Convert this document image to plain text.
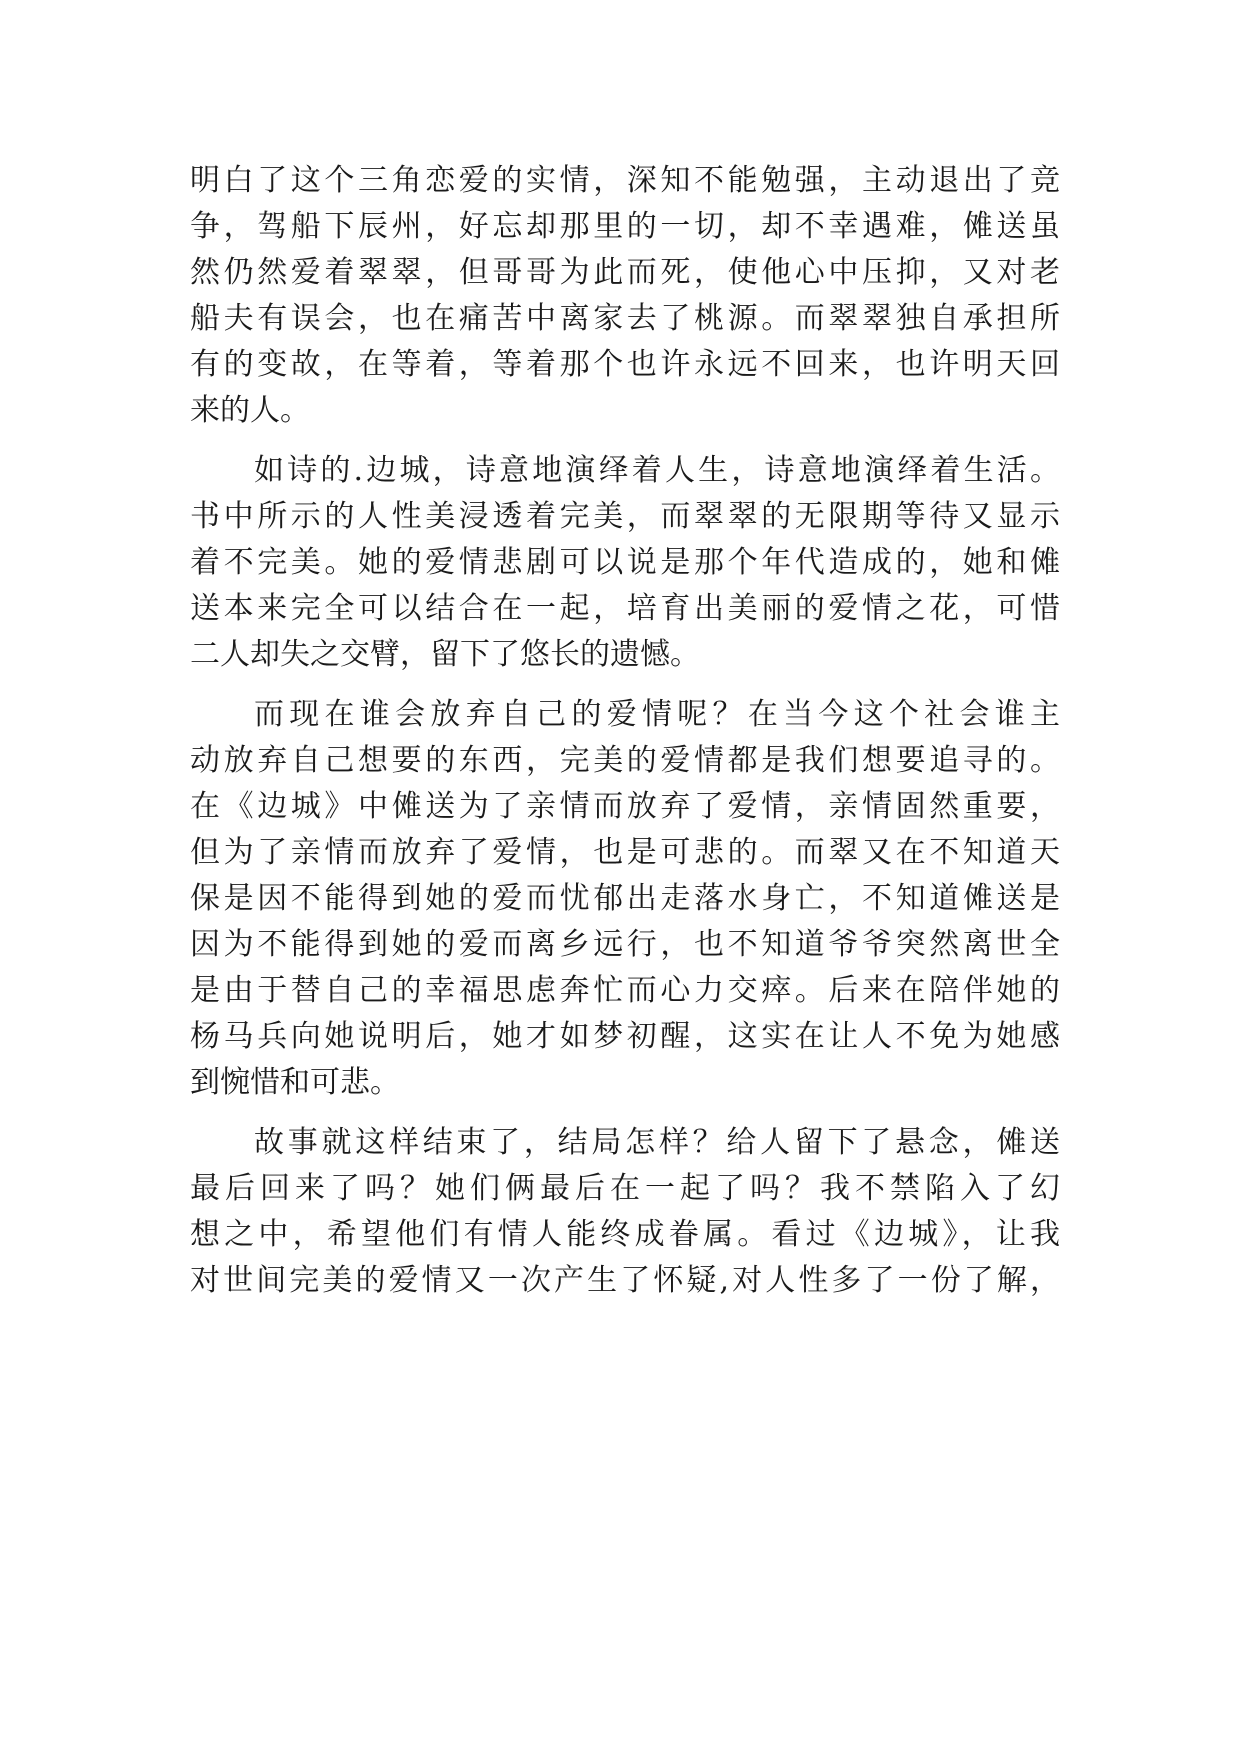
明白了这个三角恋爱的实情，深知不能勉强，主动退出了竞
争，驾船下辰州，好忘却那里的一切，却不幸遇难，傩送虽
然仍然爱着翠翠，但哥哥为此而死，使他心中压抑，又对老
船夫有误会，也在痛苦中离家去了桃源。而翠翠独自承担所
有的变故，在等着，等着那个也许永远不回来，也许明天回
来的人。
如诗的.边城，诗意地演绎着人生，诗意地演绎着生活。
书中所示的人性美浸透着完美，而翠翠的无限期等待又显示
着不完美。她的爱情悲剧可以说是那个年代造成的，她和傩
送本来完全可以结合在一起，培育出美丽的爱情之花，可惜
二人却失之交臂，留下了悠长的遗憾。
而现在谁会放弃自己的爱情呢？在当今这个社会谁主
动放弃自己想要的东西，完美的爱情都是我们想要追寻的。
在《边城》中傩送为了亲情而放弃了爱情，亲情固然重要，
但为了亲情而放弃了爱情，也是可悲的。而翠又在不知道天
保是因不能得到她的爱而忧郁出走落水身亡，不知道傩送是
因为不能得到她的爱而离乡远行，也不知道爷爷突然离世全
是由于替自己的幸福思虑奔忙而心力交瘁。后来在陪伴她的
杨马兵向她说明后，她才如梦初醒，这实在让人不免为她感
到惋惜和可悲。
故事就这样结束了，结局怎样？给人留下了悬念，傩送
最后回来了吗？她们俩最后在一起了吗？我不禁陷入了幻
想之中，希望他们有情人能终成眷属。看过《边城》，让我
对世间完美的爱情又一次产生了怀疑,对人性多了一份了解，
